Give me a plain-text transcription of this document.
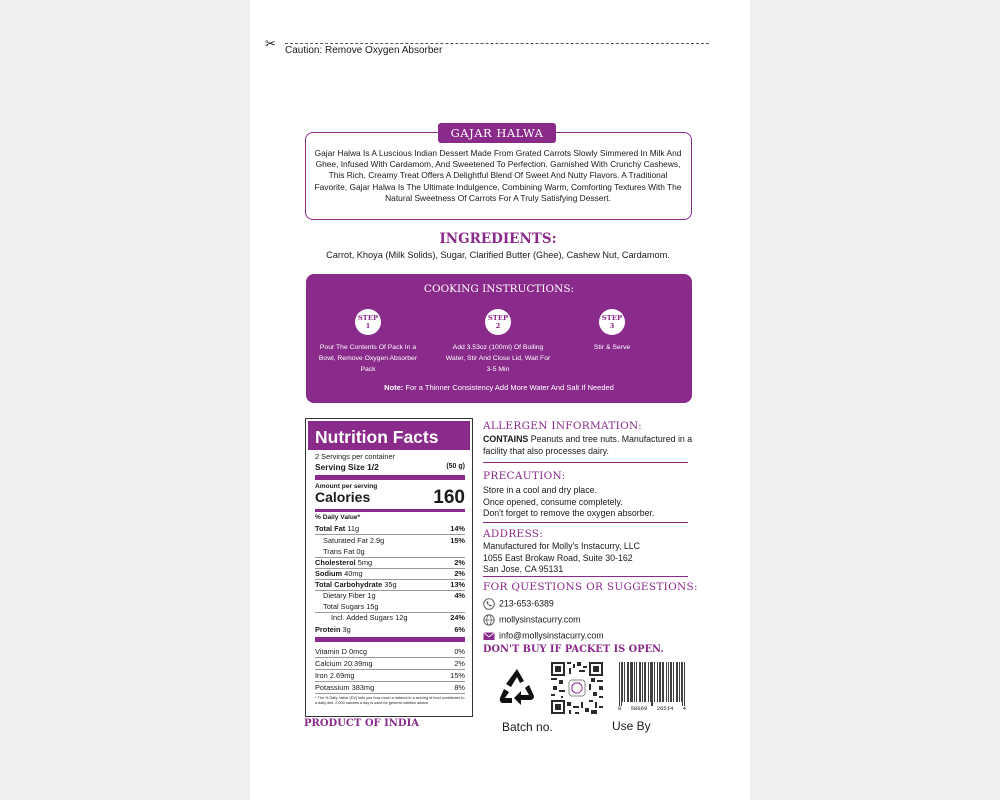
✂ Caution: Remove Oxygen Absorber
GAJAR HALWA
Gajar Halwa Is A Luscious Indian Dessert Made From Grated Carrots Slowly Simmered In Milk And Ghee, Infused With Cardamom, And Sweetened To Perfection. Garnished With Crunchy Cashews, This Rich, Creamy Treat Offers A Delightful Blend Of Sweet And Nutty Flavors. A Traditional Favorite, Gajar Halwa Is The Ultimate Indulgence, Combining Warm, Comforting Textures With The Natural Sweetness Of Carrots For A Truly Satisfying Dessert.
INGREDIENTS:
Carrot, Khoya (Milk Solids), Sugar, Clarified Butter (Ghee), Cashew Nut, Cardamom.
COOKING INSTRUCTIONS:
STEP
1
Pour The Contents Of Pack In a Bowl, Remove Oxygen Absorber Pack
STEP
2
Add 3.53oz (100ml) Of Boiling Water, Stir And Close Lid, Wait For 3-5 Min
STEP
3
Stir & Serve
Note: For a Thinner Consistency Add More Water And Salt If Needed
Nutrition Facts
2 Servings per container
Serving Size 1/2	(50 g)
Amount per serving
Calories	160
% Daily Value*
Total Fat 11g	14%
Saturated Fat 2.9g	15%
Trans Fat 0g
Cholesterol 5mg	2%
Sodium 40mg	2%
Total Carbohydrate 35g	13%
Dietary Fiber 1g	4%
Total Sugars 15g
Incl. Added Sugars 12g	24%
Protein 3g	6%
Vitamin D 0mcg	0%
Calcium 20.39mg	2%
Iron 2.69mg	15%
Potassium 383mg	8%
* The % Daily Value (DV) tells you how much a nutrient in a serving of food contributes to a daily diet. 2,000 calories a day is used for general nutrition advice.
ALLERGEN INFORMATION:
CONTAINS Peanuts and tree nuts. Manufactured in a facility that also processes dairy.
PRECAUTION:
Store in a cool and dry place.
Once opened, consume completely.
Don't forget to remove the oxygen absorber.
ADDRESS:
Manufactured for Molly's Instacurry, LLC
1055 East Brokaw Road, Suite 30-162
San Jose, CA 95131
FOR QUESTIONS OR SUGGESTIONS:
213-653-6389
mollysinstacurry.com
info@mollysinstacurry.com
DON'T BUY IF PACKET IS OPEN.
8 50069 26514 4
Batch no.	Use By
PRODUCT OF INDIA
